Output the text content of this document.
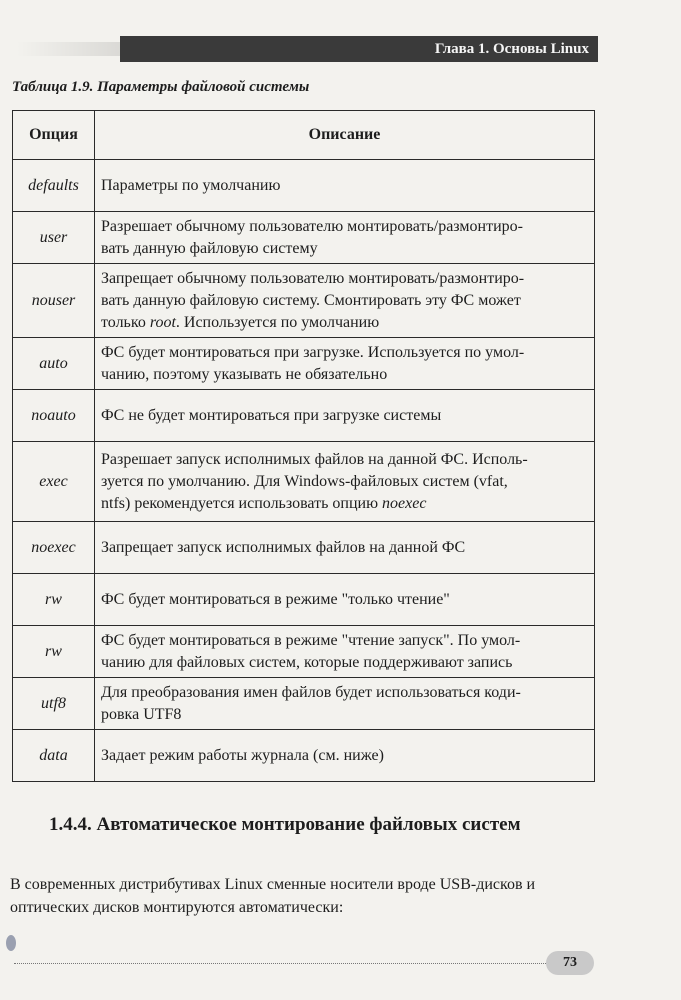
Глава 1. Основы Linux
Таблица 1.9. Параметры файловой системы
Опция	Описание
defaults	Параметры по умолчанию
user	Разрешает обычному пользователю монтировать/размонтиро-
вать данную файловую систему
nouser	Запрещает обычному пользователю монтировать/размонтиро-
вать данную файловую систему. Смонтировать эту ФС может
только root. Используется по умолчанию
auto	ФС будет монтироваться при загрузке. Используется по умол-
чанию, поэтому указывать не обязательно
noauto	ФС не будет монтироваться при загрузке системы
exec	Разрешает запуск исполнимых файлов на данной ФС. Исполь-
зуется по умолчанию. Для Windows-файловых систем (vfat,
ntfs) рекомендуется использовать опцию noexec
noexec	Запрещает запуск исполнимых файлов на данной ФС
rw	ФС будет монтироваться в режиме "только чтение"
rw	ФС будет монтироваться в режиме "чтение запуск". По умол-
чанию для файловых систем, которые поддерживают запись
utf8	Для преобразования имен файлов будет использоваться коди-
ровка UTF8
data	Задает режим работы журнала (см. ниже)
1.4.4. Автоматическое монтирование файловых систем
В современных дистрибутивах Linux сменные носители вроде USB-дисков и оптических дисков монтируются автоматически:
73
